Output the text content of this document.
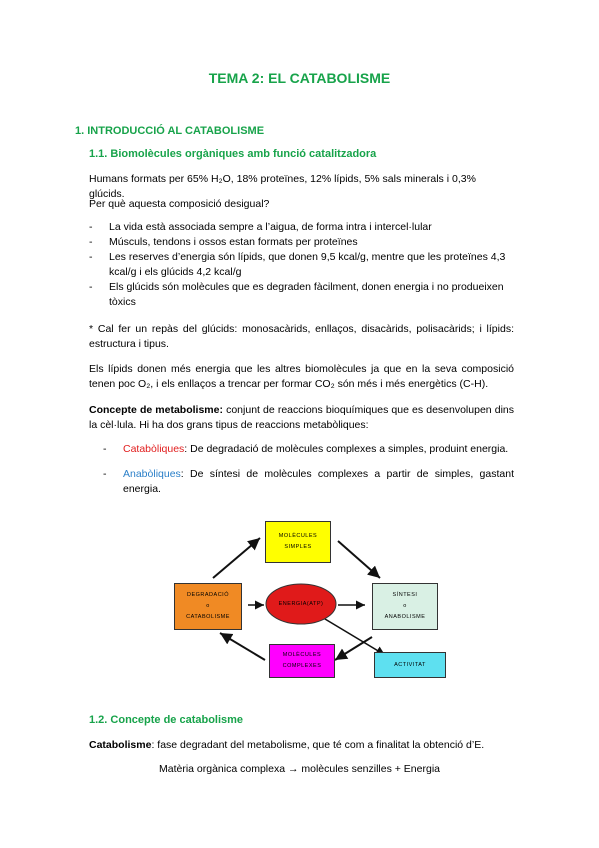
TEMA 2: EL CATABOLISME
1. INTRODUCCIÓ AL CATABOLISME
1.1. Biomolècules orgàniques amb funció catalitzadora
Humans formats per 65% H₂O, 18% proteïnes, 12% lípids, 5% sals minerals i 0,3% glúcids.
Per què aquesta composició desigual?
- La vida està associada sempre a l’aigua, de forma intra i intercel·lular
- Músculs, tendons i ossos estan formats per proteïnes
- Les reserves d’energia són lípids, que donen 9,5 kcal/g, mentre que les proteïnes 4,3 kcal/g i els glúcids 4,2 kcal/g
- Els glúcids són molècules que es degraden fàcilment, donen energia i no produeixen tòxics
* Cal fer un repàs del glúcids: monosacàrids, enllaços, disacàrids, polisacàrids; i lípids: estructura i tipus.
Els lípids donen més energia que les altres biomolècules ja que en la seva composició tenen poc O₂, i els enllaços a trencar per formar CO₂ són més i més energètics (C-H).
Concepte de metabolisme: conjunt de reaccions bioquímiques que es desenvolupen dins la cèl·lula. Hi ha dos grans tipus de reaccions metabòliques:
- Catabòliques: De degradació de molècules complexes a simples, produint energia.
- Anabòliques: De síntesi de molècules complexes a partir de simples, gastant energia.
MOLÈCULES
SIMPLES
DEGRADACIÓ
o
CATABOLISME
ENERGIA(ATP)
SÍNTESI
o
ANABOLISME
MOLÈCULES
COMPLEXES	ACTIVITAT
1.2. Concepte de catabolisme
Catabolisme: fase degradant del metabolisme, que té com a finalitat la obtenció d’E.
Matèria orgànica complexa → molècules senzilles + Energia
